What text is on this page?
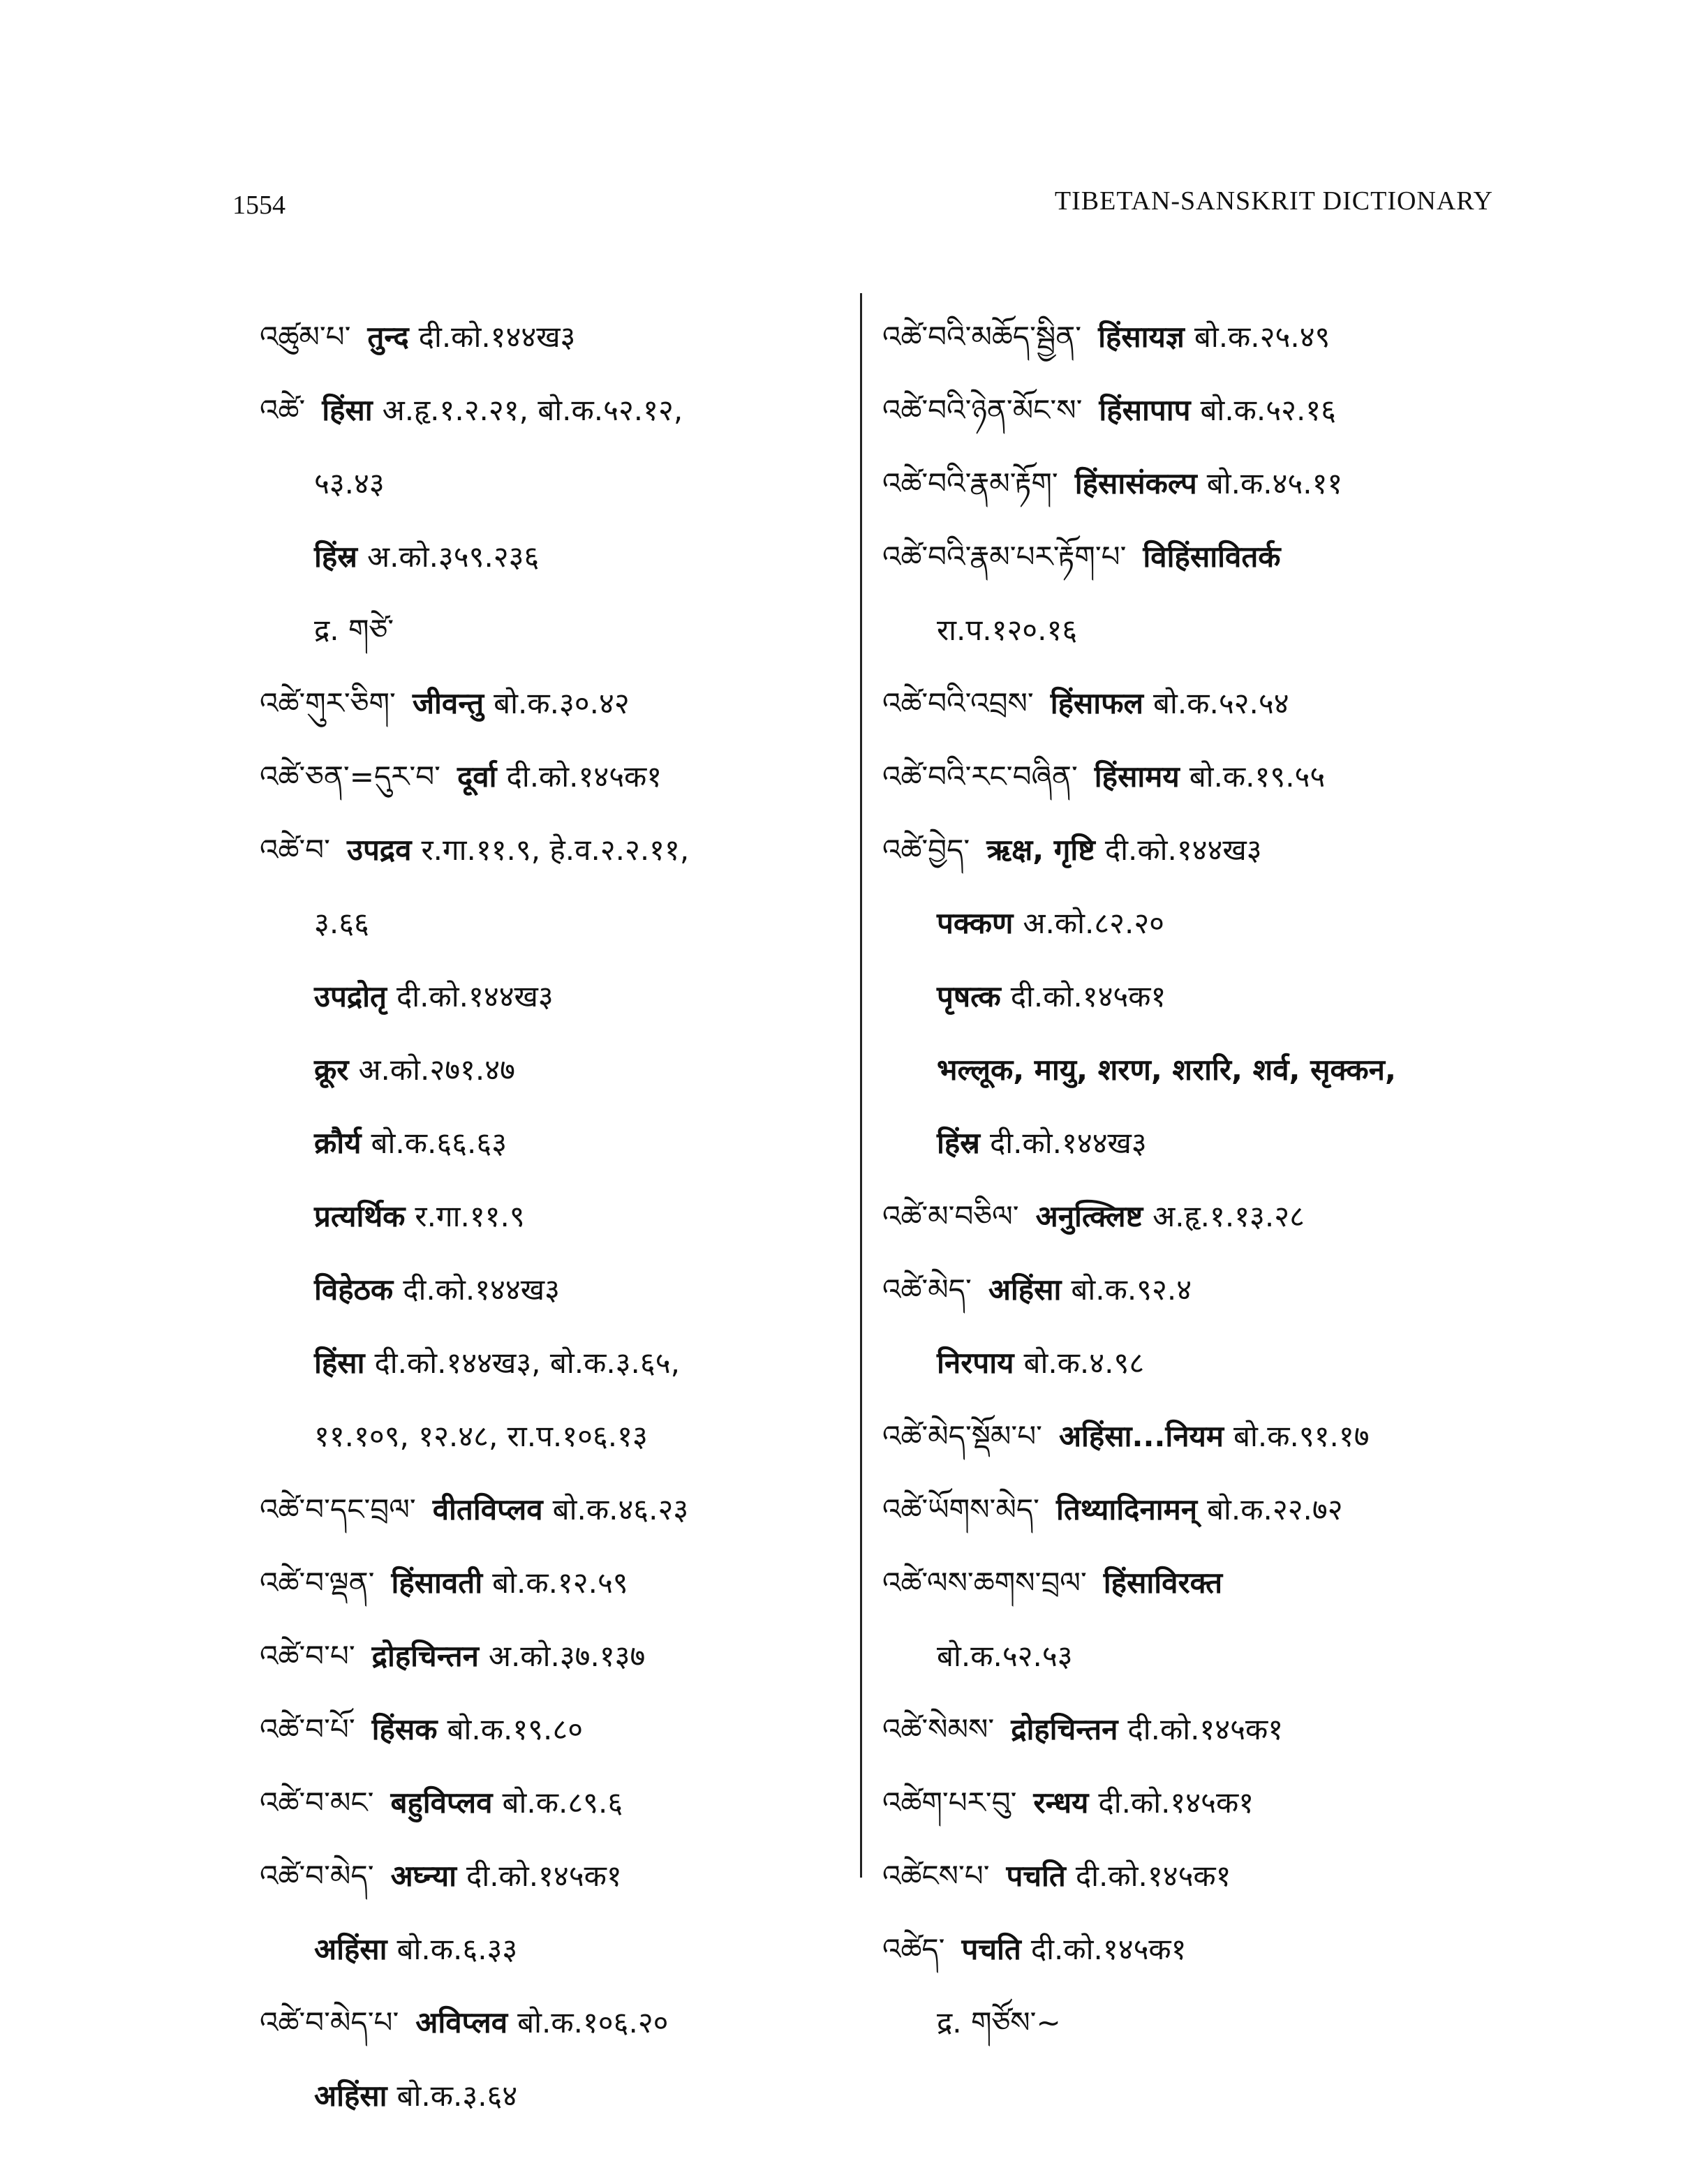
1554	TIBETAN-SANSKRIT DICTIONARY
འཚུམ་པ་ तुन्द दी.को.१४४ख३
འཚེ་ हिंसा अ.हृ.१.२.२१, बो.क.५२.१२,
५३.४३
हिंस्र अ.को.३५९.२३६
द्र. གཙེ་
འཚེ་གུར་ཅིག་ जीवन्तु बो.क.३०.४२
འཚེ་ཅན་=དུར་བ་ दूर्वा दी.को.१४५क१
འཚེ་བ་ उपद्रव र.गा.११.९, हे.व.२.२.११,
३.६६
उपद्रोतृ दी.को.१४४ख३
क्रूर अ.को.२७१.४७
क्रौर्य बो.क.६६.६३
प्रत्यर्थिक र.गा.११.९
विहेठक दी.को.१४४ख३
हिंसा दी.को.१४४ख३, बो.क.३.६५,
११.१०९, १२.४८, रा.प.१०६.१३
འཚེ་བ་དང་བྲལ་ वीतविप्लव बो.क.४६.२३
འཚེ་བ་ལྡན་ हिंसावती बो.क.१२.५९
འཚེ་བ་པ་ द्रोहचिन्तन अ.को.३७.१३७
འཚེ་བ་པོ་ हिंसक बो.क.१९.८०
འཚེ་བ་མང་ बहुविप्लव बो.क.८९.६
འཚེ་བ་མེད་ अघ्न्या दी.को.१४५क१
अहिंसा बो.क.६.३३
འཚེ་བ་མེད་པ་ अविप्लव बो.क.१०६.२०
अहिंसा बो.क.३.६४
འཚེ་བའི་མཆོད་སྦྱིན་ हिंसायज्ञ बो.क.२५.४९
འཚེ་བའི་ཉེན་མོང་ས་ हिंसापाप बो.क.५२.१६
འཚེ་བའི་རྣམ་རྟོག་ हिंसासंकल्प बो.क.४५.११
འཚེ་བའི་རྣམ་པར་རྟོག་པ་ विहिंसावितर्क
रा.प.१२०.१६
འཚེ་བའི་འབྲས་ हिंसाफल बो.क.५२.५४
འཚེ་བའི་རང་བཞིན་ हिंसामय बो.क.१९.५५
འཚེ་བྱེད་ ऋक्ष, गृष्टि दी.को.१४४ख३
पक्कण अ.को.८२.२०
पृषत्क दी.को.१४५क१
भल्लूक, मायु, शरण, शरारि, शर्व, सृक्कन,
हिंस्र दी.को.१४४ख३
འཚེ་མ་བཅིལ་ अनुत्क्लिष्ट अ.हृ.१.१३.२८
འཚེ་མེད་ अहिंसा बो.क.९२.४
निरपाय बो.क.४.९८
འཚེ་མེད་སྡོམ་པ་ अहिंसा...नियम बो.क.९१.१७
འཚེ་ཡོགས་མེད་ तिथ्यादिनामन् बो.क.२२.७२
འཚེ་ལས་ཆགས་བྲལ་ हिंसाविरक्त
बो.क.५२.५३
འཚེ་སེམས་ द्रोहचिन्तन दी.को.१४५क१
འཚེག་པར་བུ་ रन्धय दी.को.१४५क१
འཚེངས་པ་ पचति दी.को.१४५क१
འཚེད་ पचति दी.को.१४५क१
द्र. གཙོས་~
